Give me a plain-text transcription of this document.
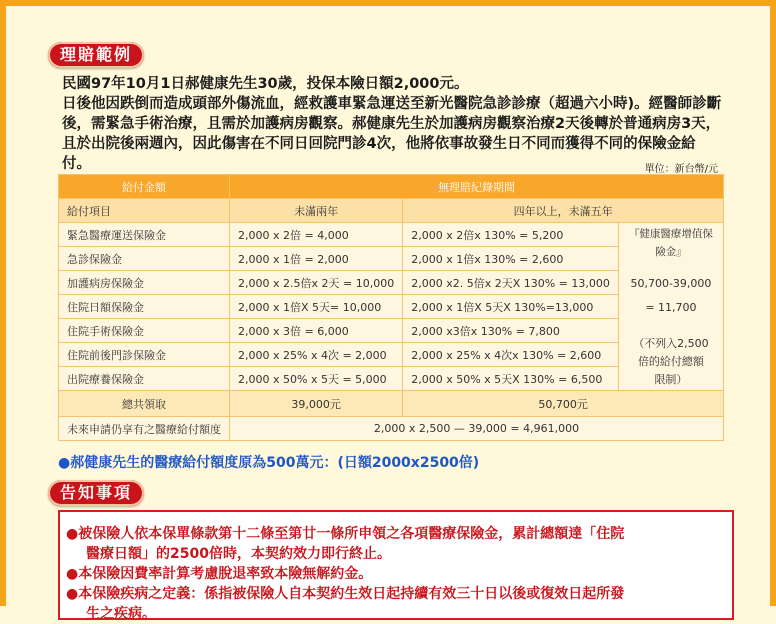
理賠範例
民國97年10月1日郝健康先生30歲，投保本險日額2,000元。
日後他因跌倒而造成頭部外傷流血，經救護車緊急運送至新光醫院急診診療（超過六小時)。經醫師診斷後，需緊急手術治療，且需於加護病房觀察。郝健康先生於加護病房觀察治療2天後轉於普通病房3天，且於出院後兩週內，因此傷害在不同日回院門診4次，他將依事故發生日不同而獲得不同的保險金給付。	單位：新台幣/元
給付金額	無理賠紀錄期間		
給付項目	未滿兩年	四年以上，未滿五年	
緊急醫療運送保險金	2,000 x 2倍 = 4,000	2,000 x 2倍x 130% = 5,200	『健康醫療增值保險金』
50,700-39,000
= 11,700
（不列入2,500倍的給付總額限制）

急診保險金	2,000 x 1倍 = 2,000	2,000 x 1倍x 130% = 2,600	
加護病房保險金	2,000 x 2.5倍x 2天 = 10,000	2,000 x2. 5倍x 2天X 130% = 13,000	
住院日額保險金	2,000 x 1倍X 5天= 10,000	2,000 x 1倍X 5天X 130%=13,000	
住院手術保險金	2,000 x 3倍 = 6,000	2,000 x3倍x 130% = 7,800	
住院前後門診保險金	2,000 x 25% x 4次 = 2,000	2,000 x 25% x 4次x 130% = 2,600	
出院療養保險金	2,000 x 50% x 5天 = 5,000	2,000 x 50% x 5天X 130% = 6,500	
總共領取	39,000元	50,700元	
未來申請仍享有之醫療給付額度	2,000 x 2,500 — 39,000 = 4,961,000		
●郝健康先生的醫療給付額度原為500萬元：(日額2000x2500倍)
告知事項
●被保險人依本保單條款第十二條至第廿一條所申領之各項醫療保險金，累計總額達「住院
醫療日額」的2500倍時，本契約效力即行終止。
●本保險因費率計算考慮脫退率致本險無解約金。
●本保險疾病之定義：係指被保險人自本契約生效日起持續有效三十日以後或復效日起所發
生之疾病。
